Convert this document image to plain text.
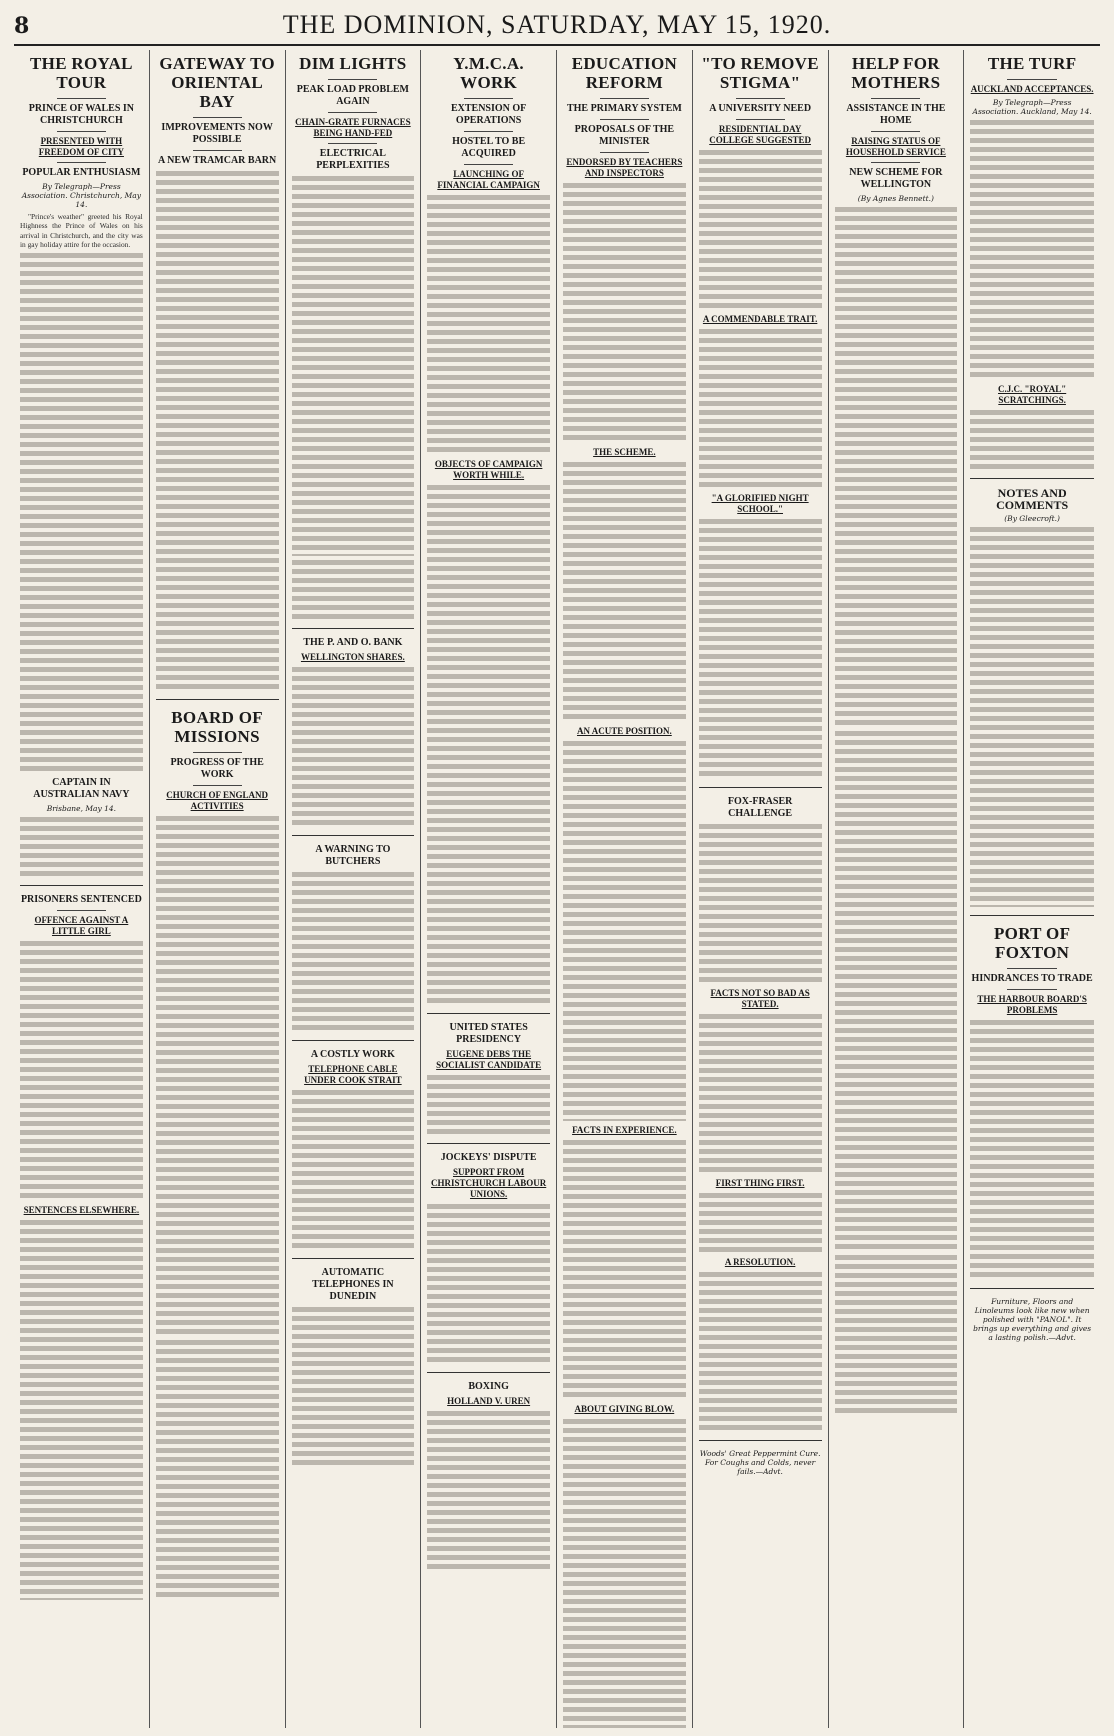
8	THE DOMINION, SATURDAY, MAY 15, 1920.
THE ROYAL TOUR
PRINCE OF WALES IN CHRISTCHURCH
PRESENTED WITH FREEDOM OF CITY
POPULAR ENTHUSIASM
By Telegraph—Press Association. Christchurch, May 14.

"Prince's weather" greeted his Royal Highness the Prince of Wales on his arrival in Christchurch, and the city was in gay holiday attire for the occasion.

CAPTAIN IN AUSTRALIAN NAVY
Brisbane, May 14.
PRISONERS SENTENCED
OFFENCE AGAINST A LITTLE GIRL
SENTENCES ELSEWHERE.
GATEWAY TO ORIENTAL BAY
IMPROVEMENTS NOW POSSIBLE
A NEW TRAMCAR BARN
BOARD OF MISSIONS
PROGRESS OF THE WORK
CHURCH OF ENGLAND ACTIVITIES
DIM LIGHTS
PEAK LOAD PROBLEM AGAIN
CHAIN-GRATE FURNACES BEING HAND-FED
ELECTRICAL PERPLEXITIES
THE P. AND O. BANK
WELLINGTON SHARES.
A WARNING TO BUTCHERS
A COSTLY WORK
TELEPHONE CABLE UNDER COOK STRAIT
AUTOMATIC TELEPHONES IN DUNEDIN
Y.M.C.A. WORK
EXTENSION OF OPERATIONS
HOSTEL TO BE ACQUIRED
LAUNCHING OF FINANCIAL CAMPAIGN
OBJECTS OF CAMPAIGN WORTH WHILE.
UNITED STATES PRESIDENCY
EUGENE DEBS THE SOCIALIST CANDIDATE
JOCKEYS' DISPUTE
SUPPORT FROM CHRISTCHURCH LABOUR UNIONS.
BOXING
HOLLAND V. UREN
EDUCATION REFORM
THE PRIMARY SYSTEM
PROPOSALS OF THE MINISTER
ENDORSED BY TEACHERS AND INSPECTORS
THE SCHEME.
AN ACUTE POSITION.
FACTS IN EXPERIENCE.
ABOUT GIVING BLOW.
"TO REMOVE STIGMA"
A UNIVERSITY NEED
RESIDENTIAL DAY COLLEGE SUGGESTED
A COMMENDABLE TRAIT.
"A GLORIFIED NIGHT SCHOOL."
FOX-FRASER CHALLENGE
FACTS NOT SO BAD AS STATED.
FIRST THING FIRST.
A RESOLUTION.
Woods' Great Peppermint Cure. For Coughs and Colds, never fails.—Advt.
HELP FOR MOTHERS
ASSISTANCE IN THE HOME
RAISING STATUS OF HOUSEHOLD SERVICE
NEW SCHEME FOR WELLINGTON
(By Agnes Bennett.)
THE TURF
AUCKLAND ACCEPTANCES.
By Telegraph—Press Association. Auckland, May 14.
C.J.C. "ROYAL" SCRATCHINGS.
NOTES AND COMMENTS
(By Gleecroft.)
PORT OF FOXTON
HINDRANCES TO TRADE
THE HARBOUR BOARD'S PROBLEMS
Furniture, Floors and Linoleums look like new when polished with "PANOL". It brings up everything and gives a lasting polish.—Advt.
